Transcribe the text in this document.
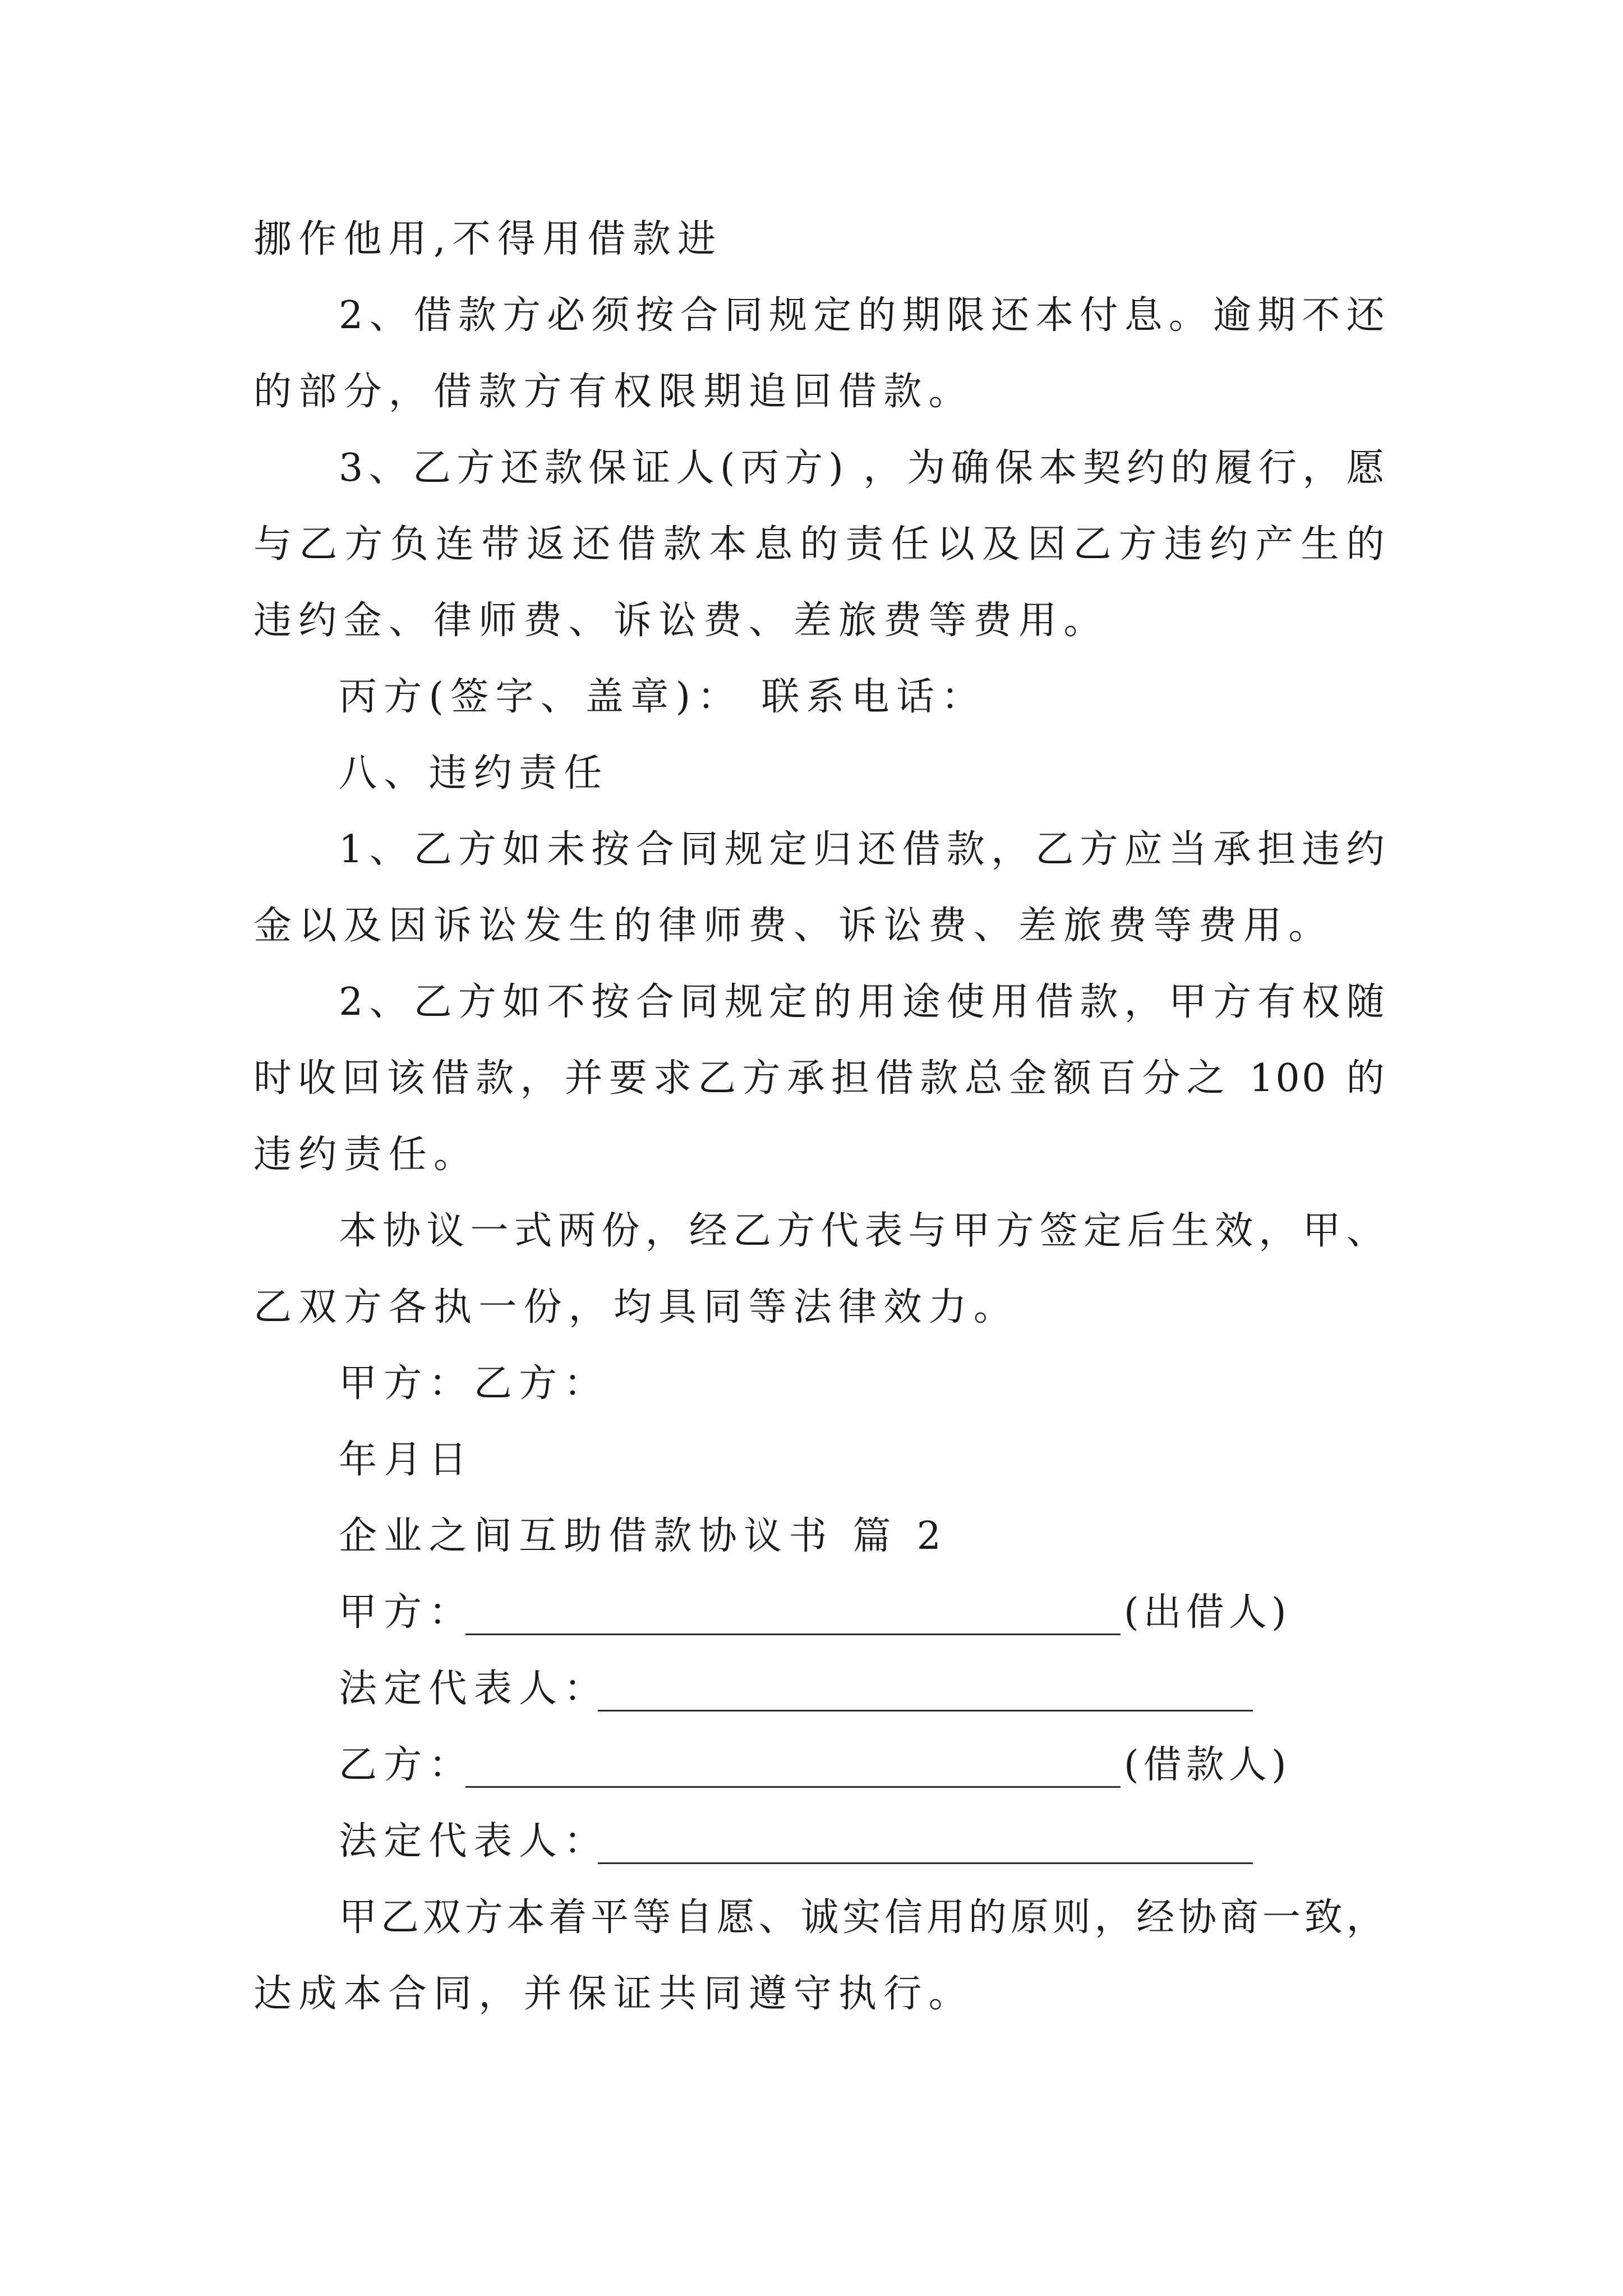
挪作他用,不得用借款进
2、借款方必须按合同规定的期限还本付息。逾期不还
的部分，借款方有权限期追回借款。
3、乙方还款保证人(丙方) ，为确保本契约的履行，愿
与乙方负连带返还借款本息的责任以及因乙方违约产生的
违约金、律师费、诉讼费、差旅费等费用。
丙方(签字、盖章)： 联系电话：
八、违约责任
1、乙方如未按合同规定归还借款，乙方应当承担违约
金以及因诉讼发生的律师费、诉讼费、差旅费等费用。
2、乙方如不按合同规定的用途使用借款，甲方有权随
时收回该借款，并要求乙方承担借款总金额百分之 100 的
违约责任。
本协议一式两份，经乙方代表与甲方签定后生效，甲、
乙双方各执一份，均具同等法律效力。
甲方：乙方：
年月日
企业之间互助借款协议书 篇 2
甲方：	(出借人)
法定代表人：
乙方：	(借款人)
法定代表人：
甲乙双方本着平等自愿、诚实信用的原则，经协商一致，
达成本合同，并保证共同遵守执行。
